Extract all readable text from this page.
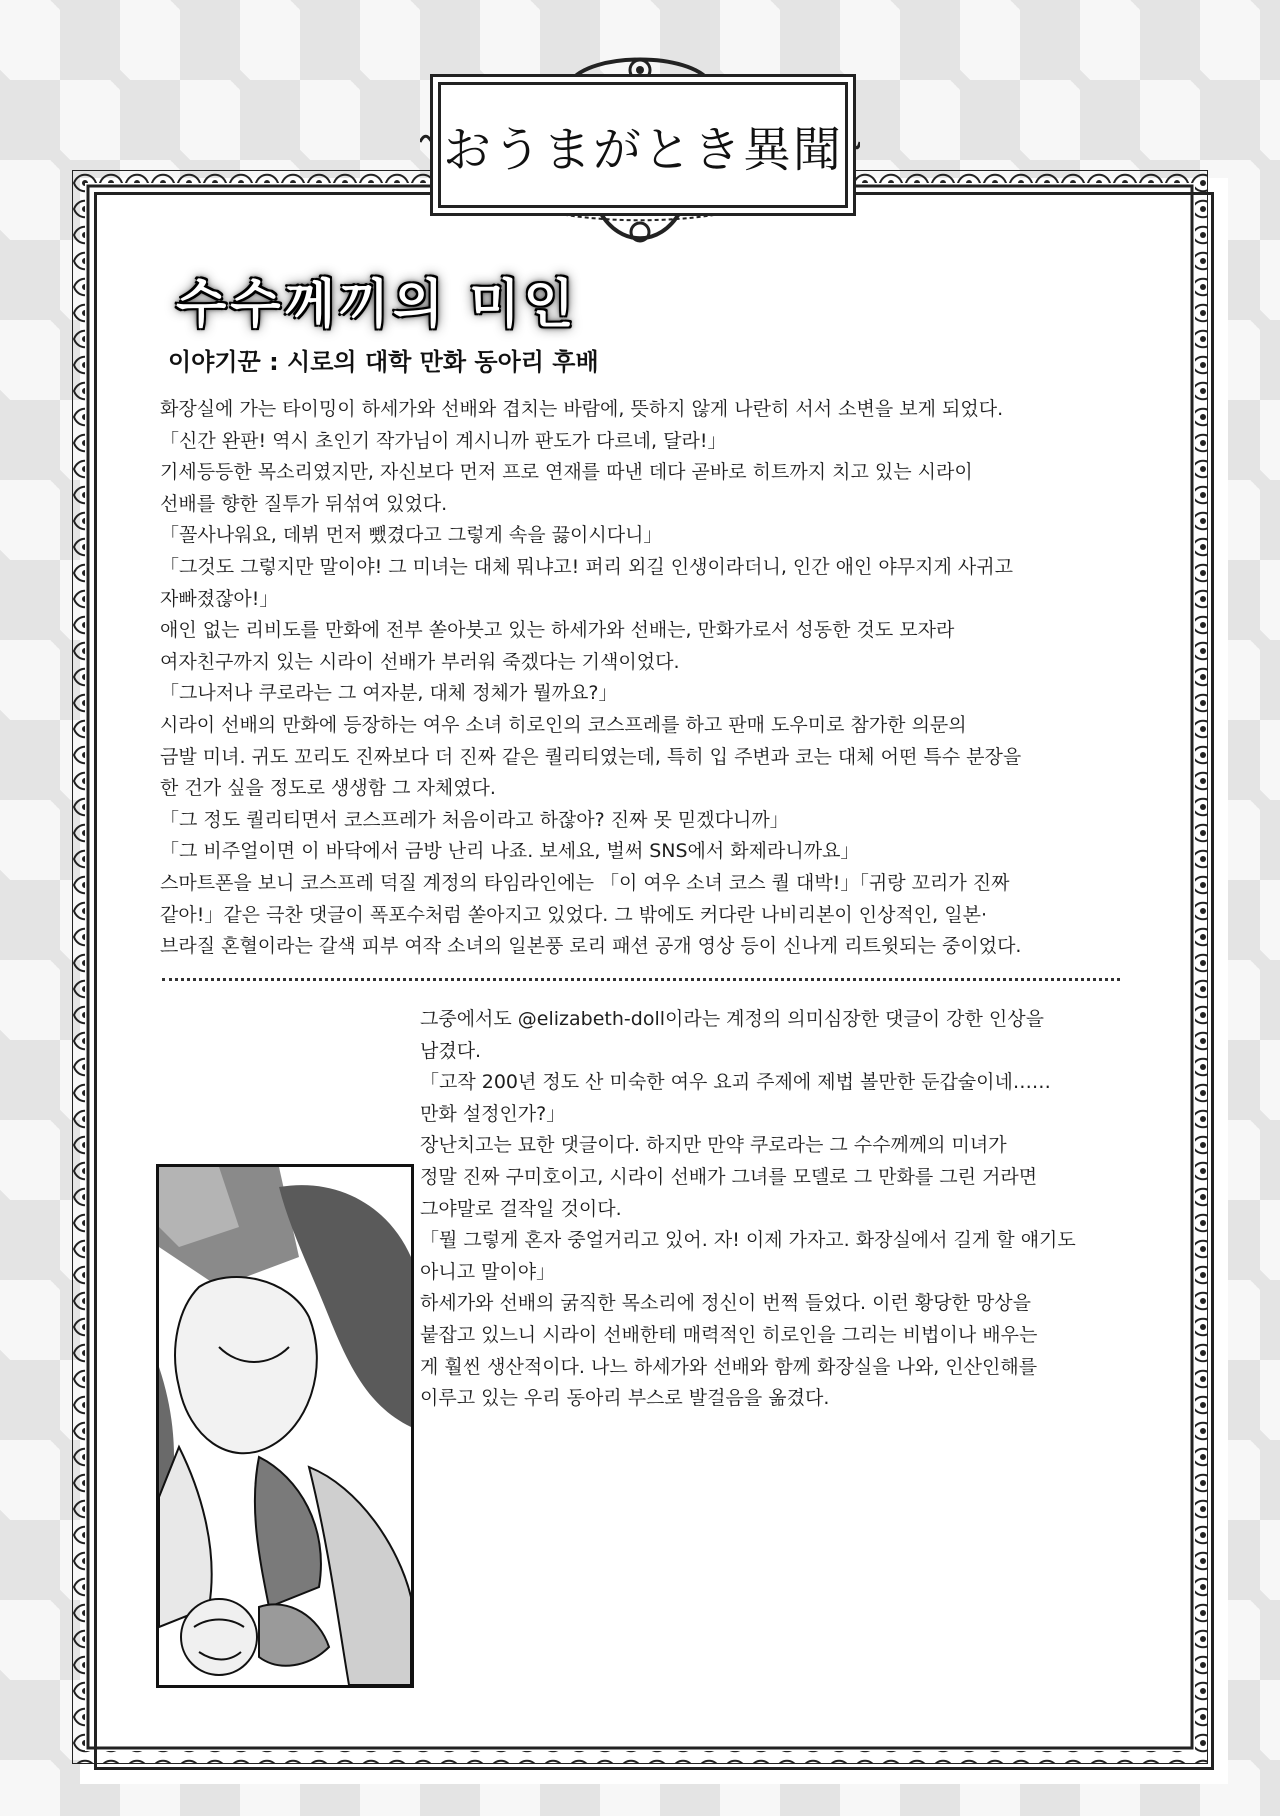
おうまがとき異聞
수수께끼의 미인
이야기꾼 : 시로의 대학 만화 동아리 후배

화장실에 가는 타이밍이 하세가와 선배와 겹치는 바람에, 뜻하지 않게 나란히 서서 소변을 보게 되었다.

「신간 완판! 역시 초인기 작가님이 계시니까 판도가 다르네, 달라!」

기세등등한 목소리였지만, 자신보다 먼저 프로 연재를 따낸 데다 곧바로 히트까지 치고 있는 시라이

선배를 향한 질투가 뒤섞여 있었다.

「꼴사나워요, 데뷔 먼저 뺐겼다고 그렇게 속을 끓이시다니」

「그것도 그렇지만 말이야! 그 미녀는 대체 뭐냐고! 퍼리 외길 인생이라더니, 인간 애인 야무지게 사귀고

자빠졌잖아!」

애인 없는 리비도를 만화에 전부 쏟아붓고 있는 하세가와 선배는, 만화가로서 성동한 것도 모자라

여자친구까지 있는 시라이 선배가 부러워 죽겠다는 기색이었다.

「그나저나 쿠로라는 그 여자분, 대체 정체가 뭘까요?」

시라이 선배의 만화에 등장하는 여우 소녀 히로인의 코스프레를 하고 판매 도우미로 참가한 의문의

금발 미녀. 귀도 꼬리도 진짜보다 더 진짜 같은 퀄리티였는데, 특히 입 주변과 코는 대체 어떤 특수 분장을

한 건가 싶을 정도로 생생함 그 자체였다.

「그 정도 퀄리티면서 코스프레가 처음이라고 하잖아? 진짜 못 믿겠다니까」

「그 비주얼이면 이 바닥에서 금방 난리 나죠. 보세요, 벌써 SNS에서 화제라니까요」

스마트폰을 보니 코스프레 덕질 계정의 타임라인에는 「이 여우 소녀 코스 퀄 대박!」「귀랑 꼬리가 진짜

같아!」같은 극찬 댓글이 폭포수처럼 쏟아지고 있었다. 그 밖에도 커다란 나비리본이 인상적인, 일본·

브라질 혼혈이라는 갈색 피부 여작 소녀의 일본풍 로리 패션 공개 영상 등이 신나게 리트윗되는 중이었다.

그중에서도 @elizabeth-doll이라는 계정의 의미심장한 댓글이 강한 인상을

남겼다.

「고작 200년 정도 산 미숙한 여우 요괴 주제에 제법 볼만한 둔갑술이네……

만화 설정인가?」

장난치고는 묘한 댓글이다. 하지만 만약 쿠로라는 그 수수께께의 미녀가

정말 진짜 구미호이고, 시라이 선배가 그녀를 모델로 그 만화를 그린 거라면

그야말로 걸작일 것이다.

「뭘 그렇게 혼자 중얼거리고 있어. 자! 이제 가자고. 화장실에서 길게 할 얘기도

아니고 말이야」

하세가와 선배의 굵직한 목소리에 정신이 번쩍 들었다. 이런 황당한 망상을

붙잡고 있느니 시라이 선배한테 매력적인 히로인을 그리는 비법이나 배우는

게 훨씬 생산적이다. 나느 하세가와 선배와 함께 화장실을 나와, 인산인해를

이루고 있는 우리 동아리 부스로 발걸음을 옮겼다.
